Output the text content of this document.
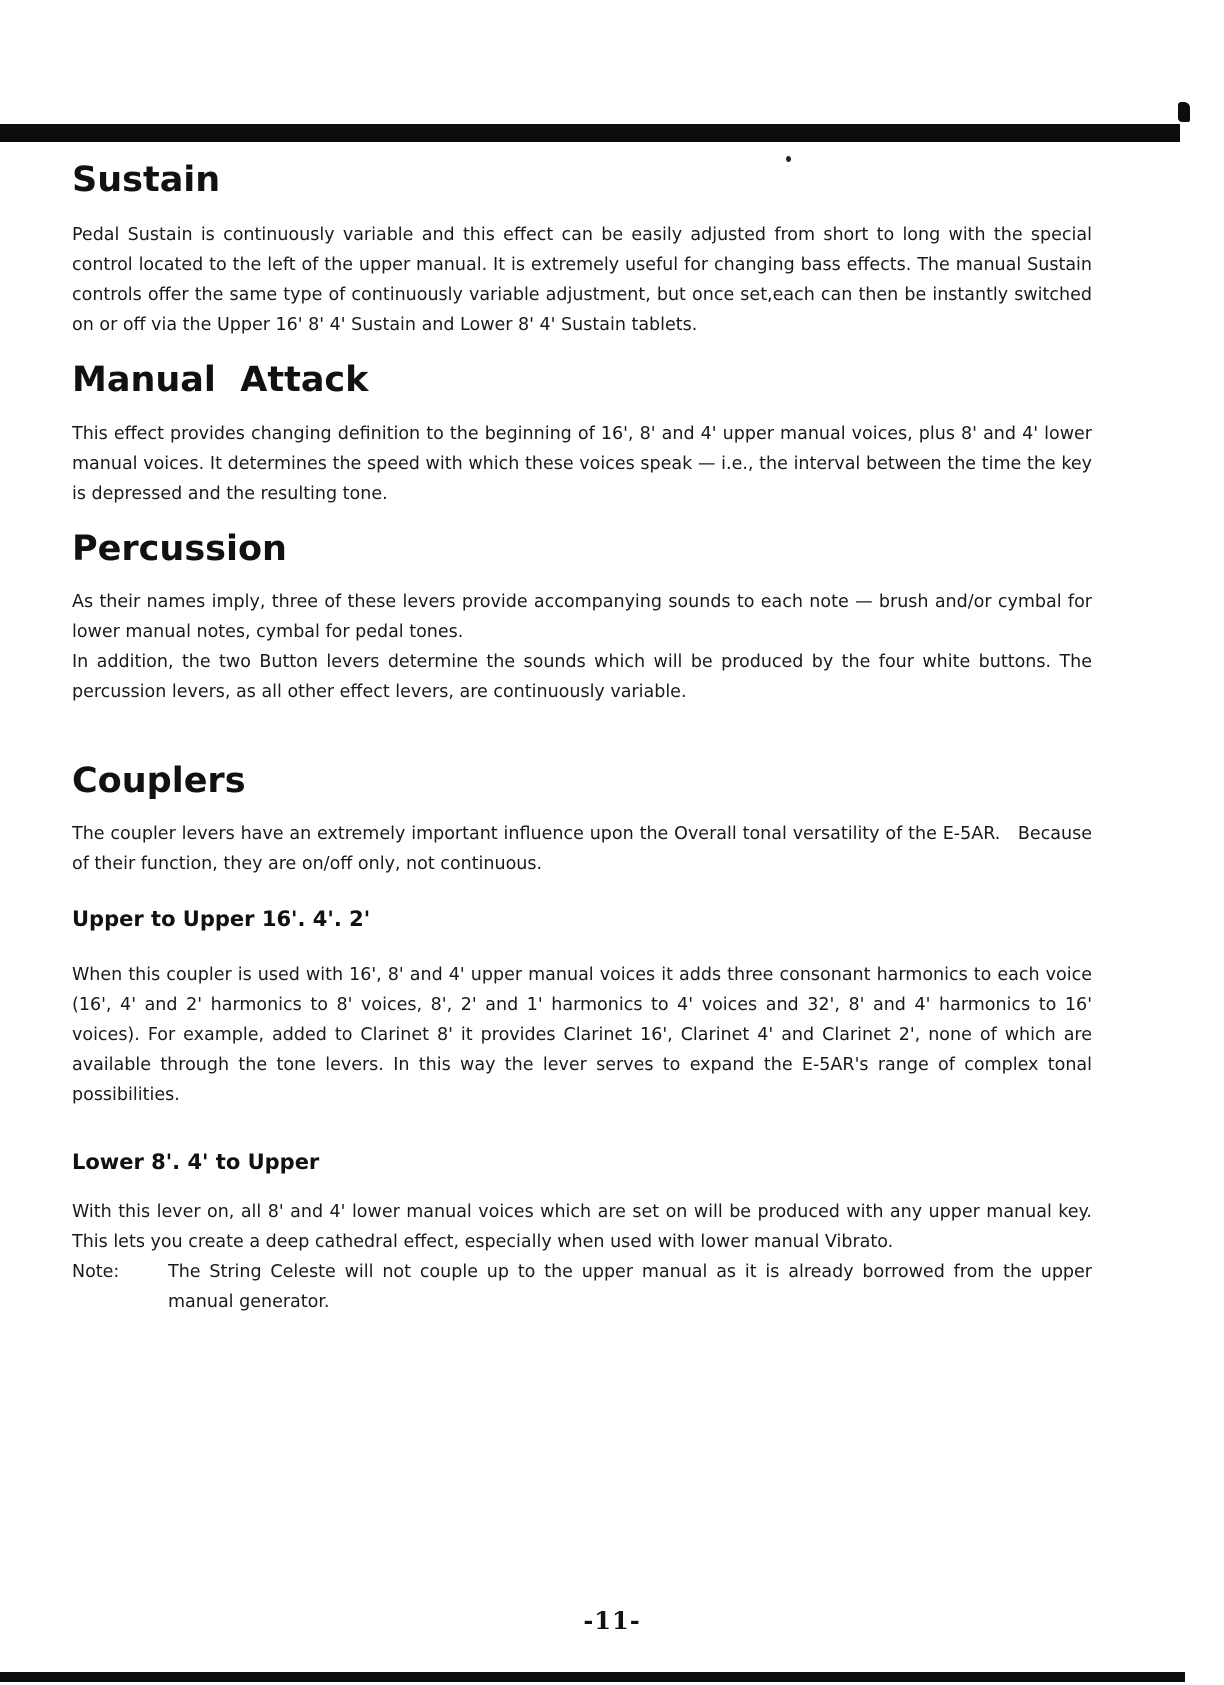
Sustain

Pedal Sustain is continuously variable and this effect can be easily adjusted from short to long with the special control located to the left of the upper manual. It is extremely useful for changing bass effects. The manual Sustain controls offer the same type of continuously variable adjustment, but once set,each can then be instantly switched on or off via the Upper 16' 8' 4' Sustain and Lower 8' 4' Sustain tablets.

Manual  Attack

This effect provides changing definition to the beginning of 16', 8' and 4' upper manual voices, plus 8' and 4' lower manual voices. It determines the speed with which these voices speak — i.e., the interval between the time the key is depressed and the resulting tone.

Percussion

As their names imply, three of these levers provide accompanying sounds to each note — brush and/or cymbal for lower manual notes, cymbal for pedal tones.

In addition, the two Button levers determine the sounds which will be produced by the four white buttons. The percussion levers, as all other effect levers, are continuously variable.

Couplers

The coupler levers have an extremely important influence upon the Overall tonal versatility of the E-5AR.   Because of their function, they are on/off only, not continuous.

Upper to Upper 16'. 4'. 2'

When this coupler is used with 16', 8' and 4' upper manual voices it adds three consonant harmonics to each voice (16', 4' and 2' harmonics to 8' voices, 8', 2' and 1' harmonics to 4' voices and 32', 8' and 4' harmonics to 16' voices). For example, added to Clarinet 8' it provides Clarinet 16', Clarinet 4' and Clarinet 2', none of which are available through the tone levers. In this way the lever serves to expand the E-5AR's range of complex tonal possibilities.

Lower 8'. 4' to Upper

With this lever on, all 8' and 4' lower manual voices which are set on will be produced with any upper manual key. This lets you create a deep cathedral effect, especially when used with lower manual Vibrato.

Note:	The String Celeste will not couple up to the upper manual as it is already borrowed from the upper manual generator.
-11-
